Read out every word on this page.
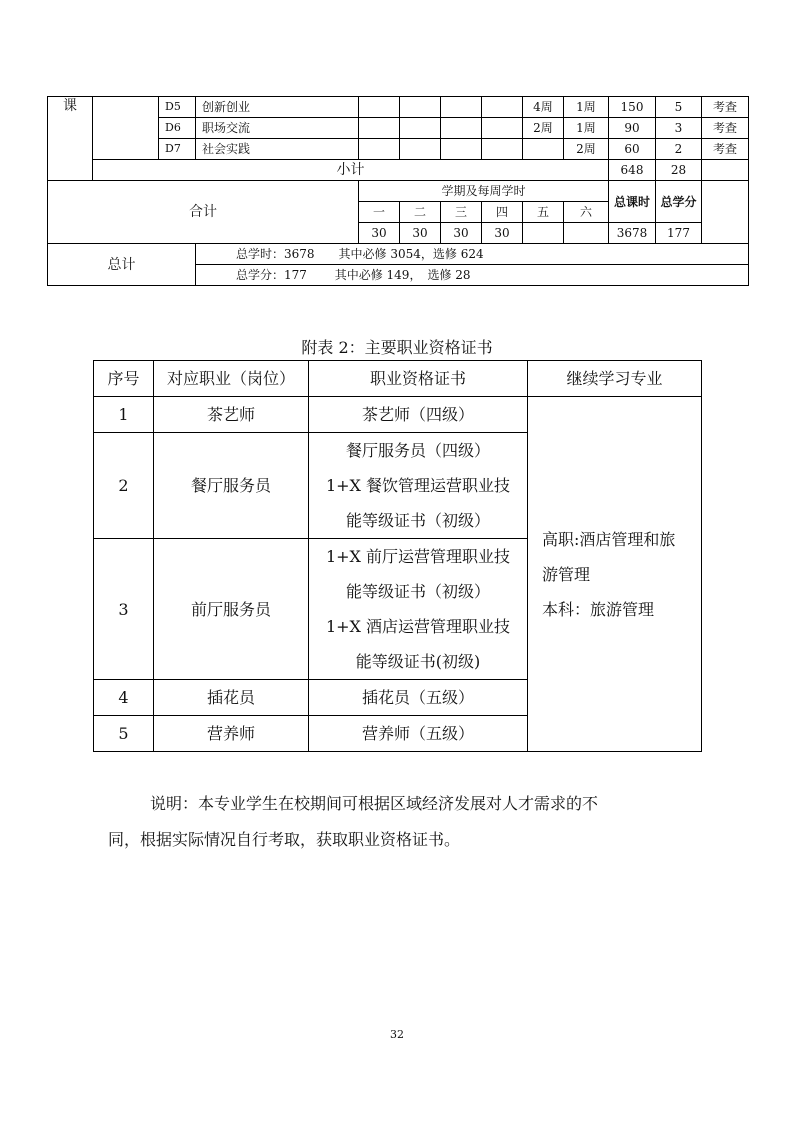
课		D5	创新创业					4周	1周	150	5	考查
		D6	职场交流					2周	1周	90	3	考查
		D7	社会实践						2周	60	2	考查
	小计									648	28	
合计				学期及每周学时						总课时	总学分	
				一	二	三	四	五	六			
				30	30	30	30			3678	177	
总计			总学时：3678　　其中必修 3054，选修 624									
			总学分：177　　 其中必修 149，　选修 28									
附表 2：主要职业资格证书
序号	对应职业（岗位）	职业资格证书	继续学习专业
1	茶艺师	茶艺师（四级）	高职:酒店管理和旅
游管理
本科：旅游管理

2	餐厅服务员	餐厅服务员（四级）
1+X 餐饮管理运营职业技
能等级证书（初级）	

3	前厅服务员	1+X 前厅运营管理职业技
能等级证书（初级）
1+X 酒店运营管理职业技
能等级证书(初级)	

4	插花员	插花员（五级）	

5	营养师	营养师（五级）	
说明：本专业学生在校期间可根据区域经济发展对人才需求的不
同，根据实际情况自行考取，获取职业资格证书。
32
